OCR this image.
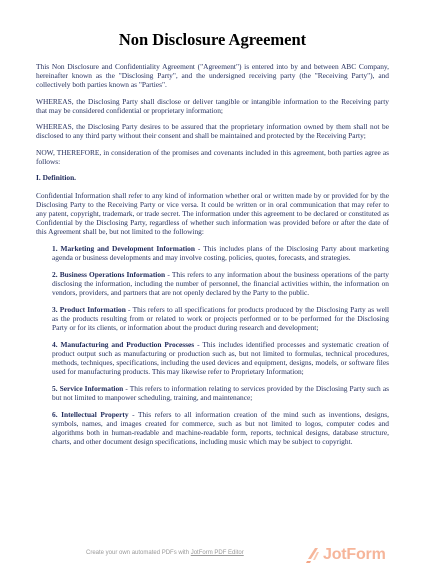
Non Disclosure Agreement

This Non Disclosure and Confidentiality Agreement ("Agreement") is entered into by and between ABC Company, hereinafter known as the "Disclosing Party", and the undersigned receiving party (the "Receiving Party"), and collectively both parties known as "Parties".

WHEREAS, the Disclosing Party shall disclose or deliver tangible or intangible information to the Receiving party that may be considered confidential or proprietary information;

WHEREAS, the Disclosing Party desires to be assured that the proprietary information owned by them shall not be disclosed to any third party without their consent and shall be maintained and protected by the Receiving Party;

NOW, THEREFORE, in consideration of the promises and covenants included in this agreement, both parties agree as follows:

I. Definition.

Confidential Information shall refer to any kind of information whether oral or written made by or provided for by the Disclosing Party to the Receiving Party or vice versa. It could be written or in oral communication that may refer to any patent, copyright, trademark, or trade secret. The information under this agreement to be declared or constituted as Confidential by the Disclosing Party, regardless of whether such information was provided before or after the date of this Agreement shall be, but not limited to the following:

1. Marketing and Development Information - This includes plans of the Disclosing Party about marketing agenda or business developments and may involve costing, policies, quotes, forecasts, and strategies.

2. Business Operations Information - This refers to any information about the business operations of the party disclosing the information, including the number of personnel, the financial activities within, the information on vendors, providers, and partners that are not openly declared by the Party to the public.

3. Product Information - This refers to all specifications for products produced by the Disclosing Party as well as the products resulting from or related to work or projects performed or to be performed for the Disclosing Party or for its clients, or information about the product during research and development;

4. Manufacturing and Production Processes - This includes identified processes and systematic creation of product output such as manufacturing or production such as, but not limited to formulas, technical procedures, methods, techniques, specifications, including the used devices and equipment, designs, models, or software files used for manufacturing products. This may likewise refer to Proprietary Information;

5. Service Information - This refers to information relating to services provided by the Disclosing Party such as but not limited to manpower scheduling, training, and maintenance;

6. Intellectual Property - This refers to all information creation of the mind such as inventions, designs, symbols, names, and images created for commerce, such as but not limited to logos, computer codes and algorithms both in human-readable and machine-readable form, reports, technical designs, database structure, charts, and other document design specifications, including music which may be subject to copyright.

Create your own automated PDFs with JotForm PDF Editor	JotForm
